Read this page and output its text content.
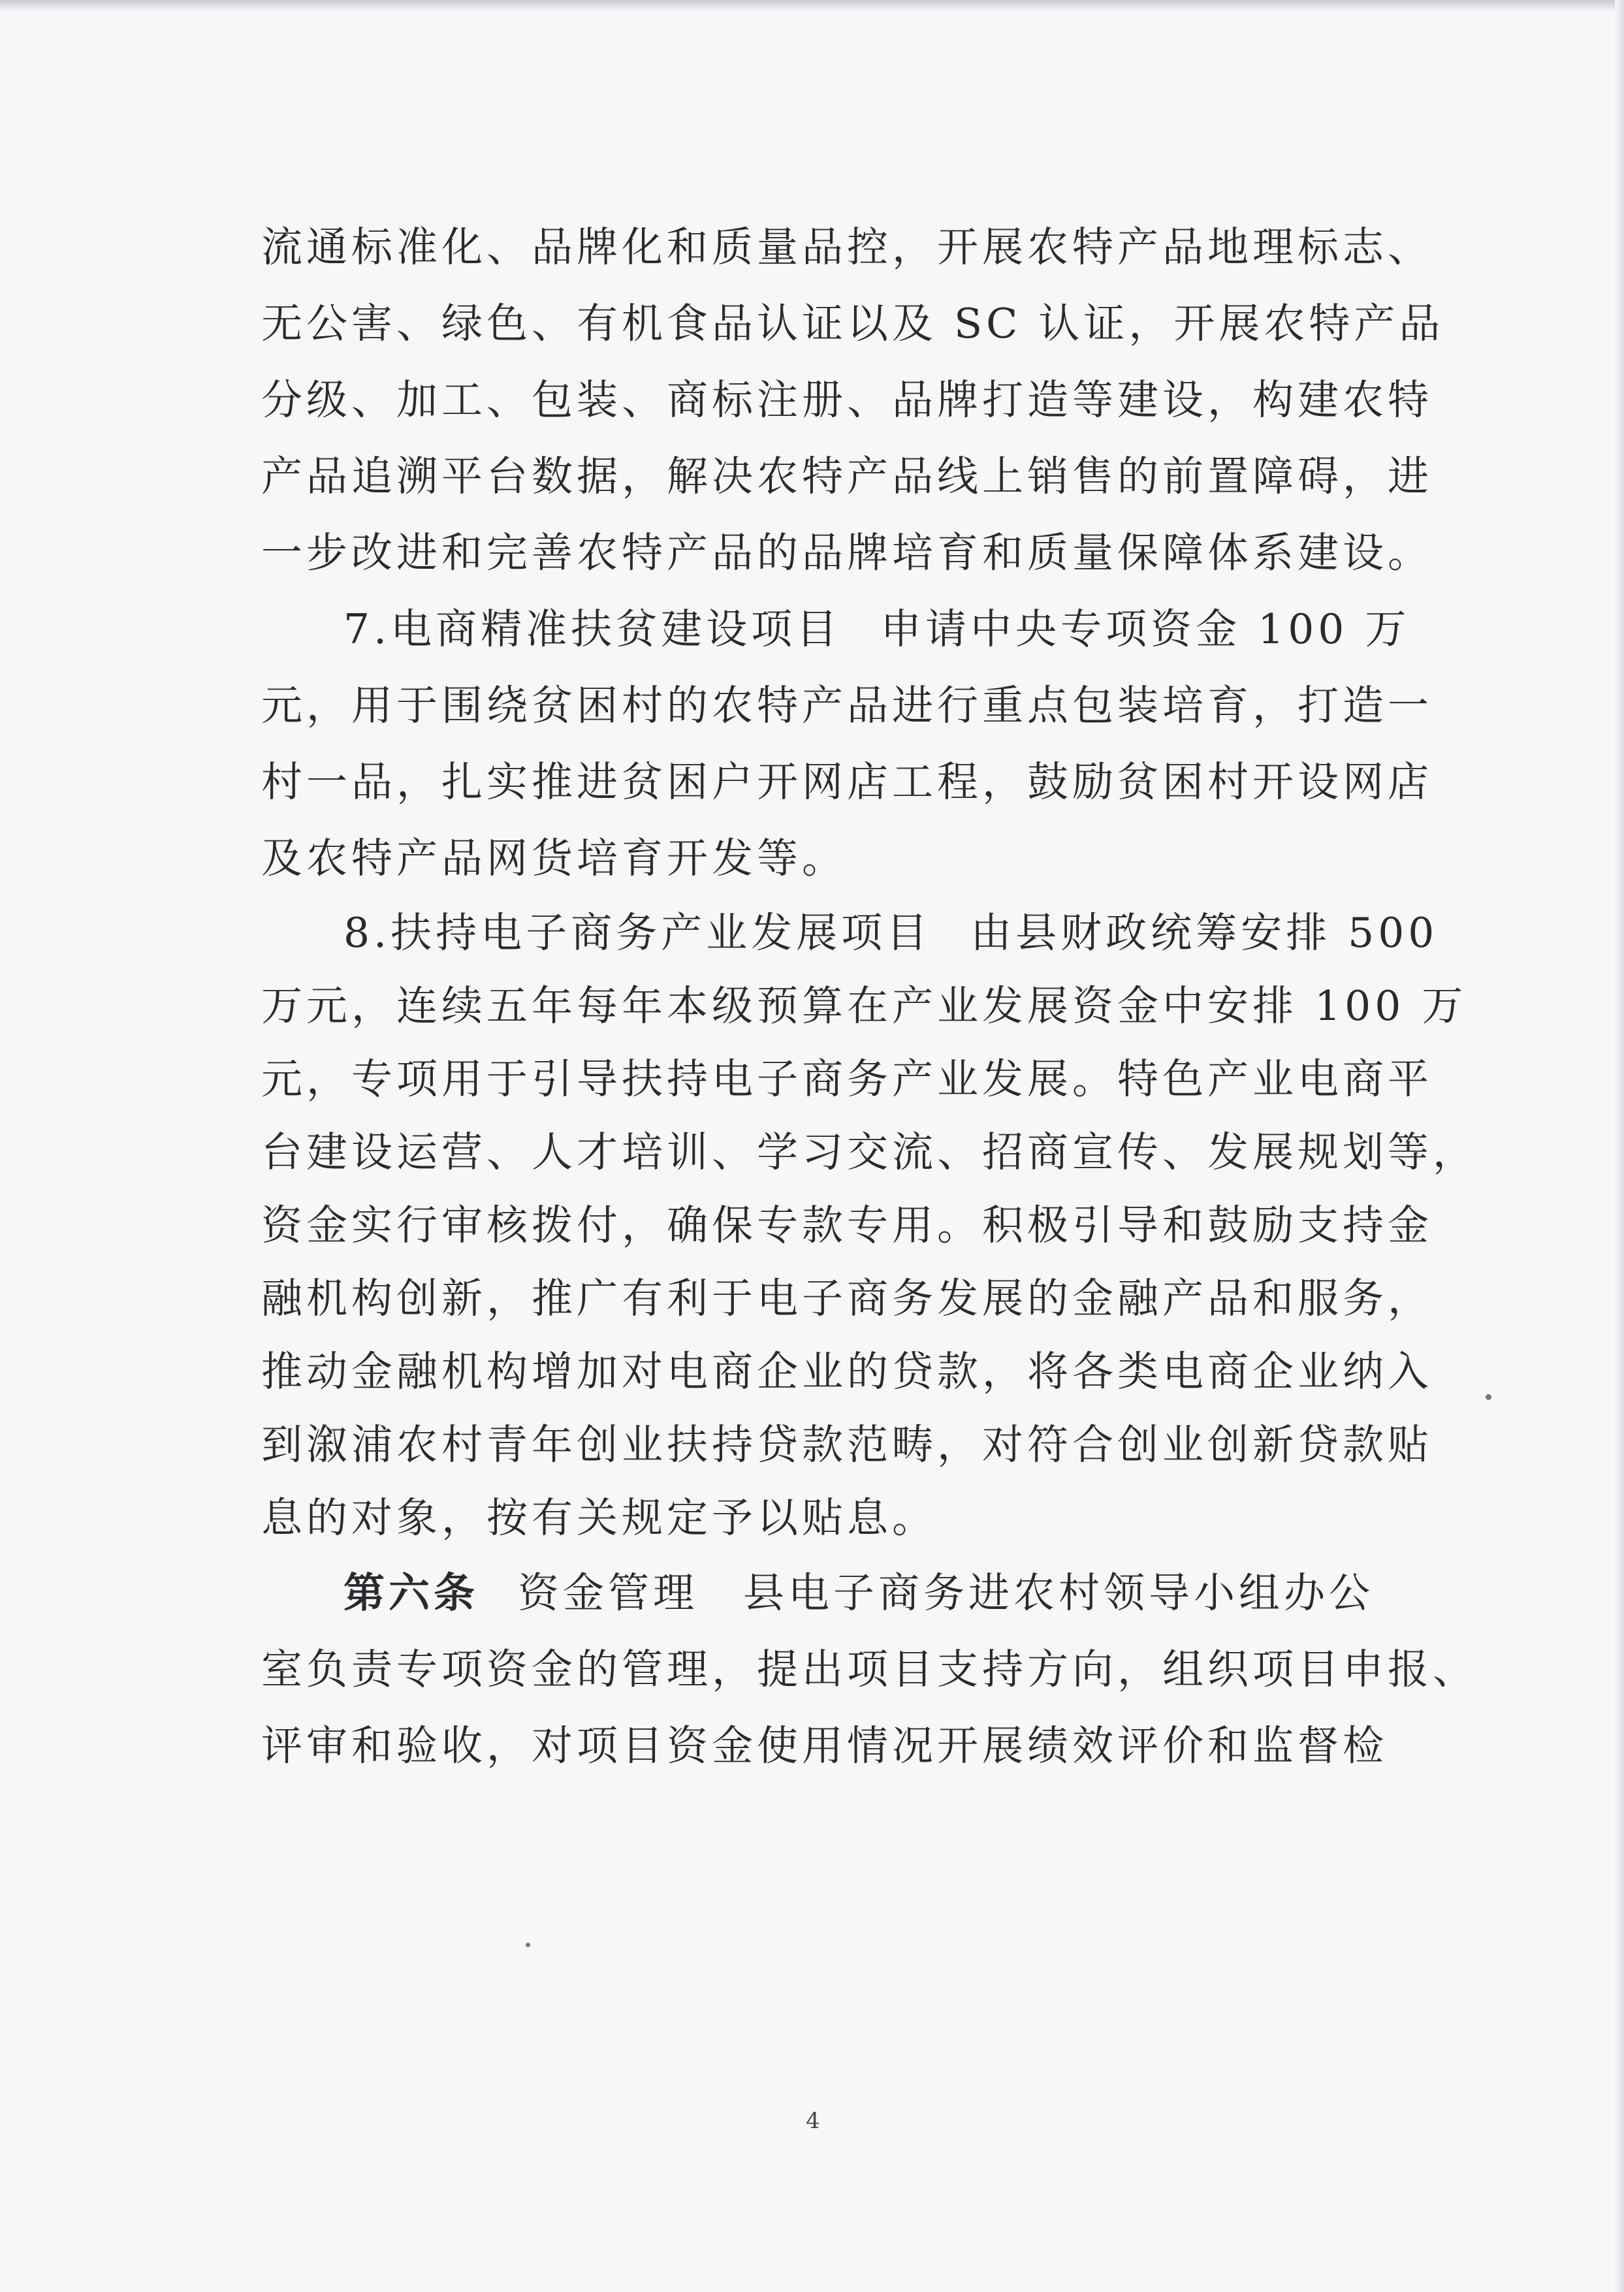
流通标准化、品牌化和质量品控，开展农特产品地理标志、
无公害、绿色、有机食品认证以及 SC 认证，开展农特产品
分级、加工、包装、商标注册、品牌打造等建设，构建农特
产品追溯平台数据，解决农特产品线上销售的前置障碍，进
一步改进和完善农特产品的品牌培育和质量保障体系建设。
7.电商精准扶贫建设项目 申请中央专项资金 100 万
元，用于围绕贫困村的农特产品进行重点包装培育，打造一
村一品，扎实推进贫困户开网店工程，鼓励贫困村开设网店
及农特产品网货培育开发等。
8.扶持电子商务产业发展项目 由县财政统筹安排 500
万元，连续五年每年本级预算在产业发展资金中安排 100 万
元，专项用于引导扶持电子商务产业发展。特色产业电商平
台建设运营、人才培训、学习交流、招商宣传、发展规划等，
资金实行审核拨付，确保专款专用。积极引导和鼓励支持金
融机构创新，推广有利于电子商务发展的金融产品和服务，
推动金融机构增加对电商企业的贷款，将各类电商企业纳入
到溆浦农村青年创业扶持贷款范畴，对符合创业创新贷款贴
息的对象，按有关规定予以贴息。
第六条 资金管理　县电子商务进农村领导小组办公
室负责专项资金的管理，提出项目支持方向，组织项目申报、
评审和验收，对项目资金使用情况开展绩效评价和监督检
4
